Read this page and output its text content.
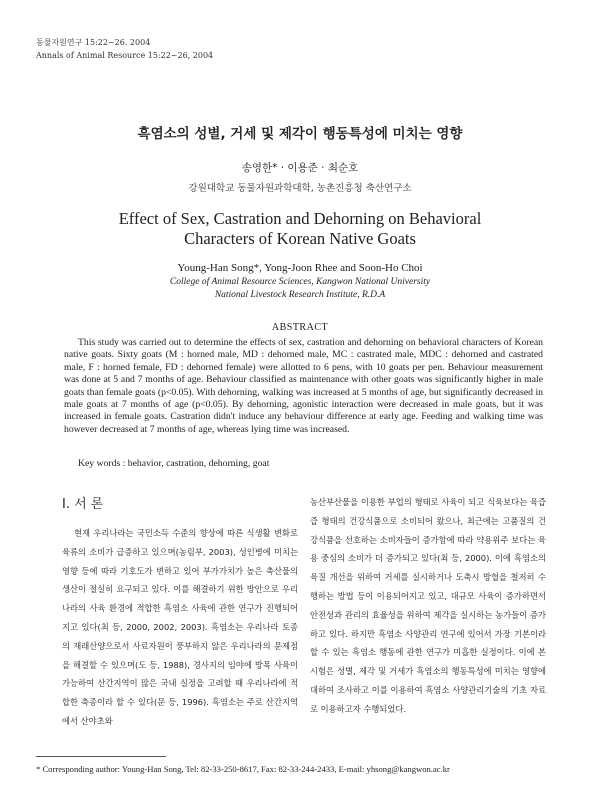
동물자원연구 15:22~26. 2004
Annals of Animal Resource 15:22~26, 2004
흑염소의 성별, 거세 및 제각이 행동특성에 미치는 영향
송영한* · 이용준 · 최순호
강원대학교 동물자원과학대학, 농촌진흥청 축산연구소
Effect of Sex, Castration and Dehorning on Behavioral
Characters of Korean Native Goats
Young-Han Song*, Yong-Joon Rhee and Soon-Ho Choi
College of Animal Resource Sciences, Kangwon National University
National Livestock Research Institute, R.D.A
ABSTRACT

This study was carried out to determine the effects of sex, castration and dehorning on behavioral characters of Korean native goats. Sixty goats (M : horned male, MD : dehorned male, MC : castrated male, MDC : dehorned and castrated male, F : horned female, FD : dehorned female) were allotted to 6 pens, with 10 goats per pen. Behaviour measurement was done at 5 and 7 months of age. Behaviour classified as maintenance with other goats was significantly higher in male goats than female goats (p<0.05). With dehorning, walking was increased at 5 months of age, but significantly decreased in male goats at 7 months of age (p<0.05). By dehorning, agonistic interaction were decreased in male goats, but it was increased in female goats. Castration didn't induce any behaviour difference at early age. Feeding and walking time was however decreased at 7 months of age, whereas lying time was increased.

Key words : behavior, castration, dehorning, goat
Ⅰ. 서 론

현재 우리나라는 국민소득 수준의 향상에 따른 식생활 변화로 육류의 소비가 급증하고 있으며(농림부, 2003), 성인병에 미치는 영향 등에 따라 기호도가 변하고 있어 부가가치가 높은 축산물의 생산이 절실히 요구되고 있다. 이를 해결하기 위한 방안으로 우리나라의 사육 환경에 적합한 흑염소 사육에 관한 연구가 진행되어지고 있다(최 등, 2000, 2002, 2003). 흑염소는 우리나라 토종의 재래산양으로서 사료자원이 풍부하지 않은 우리나라의 문제점을 해결할 수 있으며(도 등, 1988), 경사지의 임야에 방목 사육이 가능하여 산간지역이 많은 국내 실정을 고려할 때 우리나라에 적합한 축종이라 할 수 있다(문 등, 1996). 흑염소는 주로 산간지역에서 산야초와

농산부산물을 이용한 부업의 형태로 사육이 되고 식육보다는 육즙즙 형태의 건강식품으로 소비되어 왔으나, 최근에는 고품질의 건강식품을 선호하는 소비자들이 증가함에 따라 약용위주 보다는 육용 중심의 소비가 더 증가되고 있다(최 등, 2000). 이에 흑염소의 육질 개선을 위하여 거세를 실시하거나 도축시 방혈을 철저히 수행하는 방법 등이 이용되어지고 있고, 대규모 사육이 증가하면서 안전성과 관리의 효율성을 위하여 제각을 실시하는 농가들이 증가하고 있다. 하지만 흑염소 사양관리 연구에 있어서 가장 기본이라 할 수 있는 흑염소 행동에 관한 연구가 미흡한 실정이다. 이에 본 시험은 성별, 제각 및 거세가 흑염소의 행동특성에 미치는 영향에 대하여 조사하고 이를 이용하여 흑염소 사양관리기술의 기초 자료로 이용하고자 수행되었다.

* Corresponding author: Young-Han Song, Tel: 82-33-250-8617, Fax: 82-33-244-2433, E-mail: yhsong@kangwon.ac.kr
